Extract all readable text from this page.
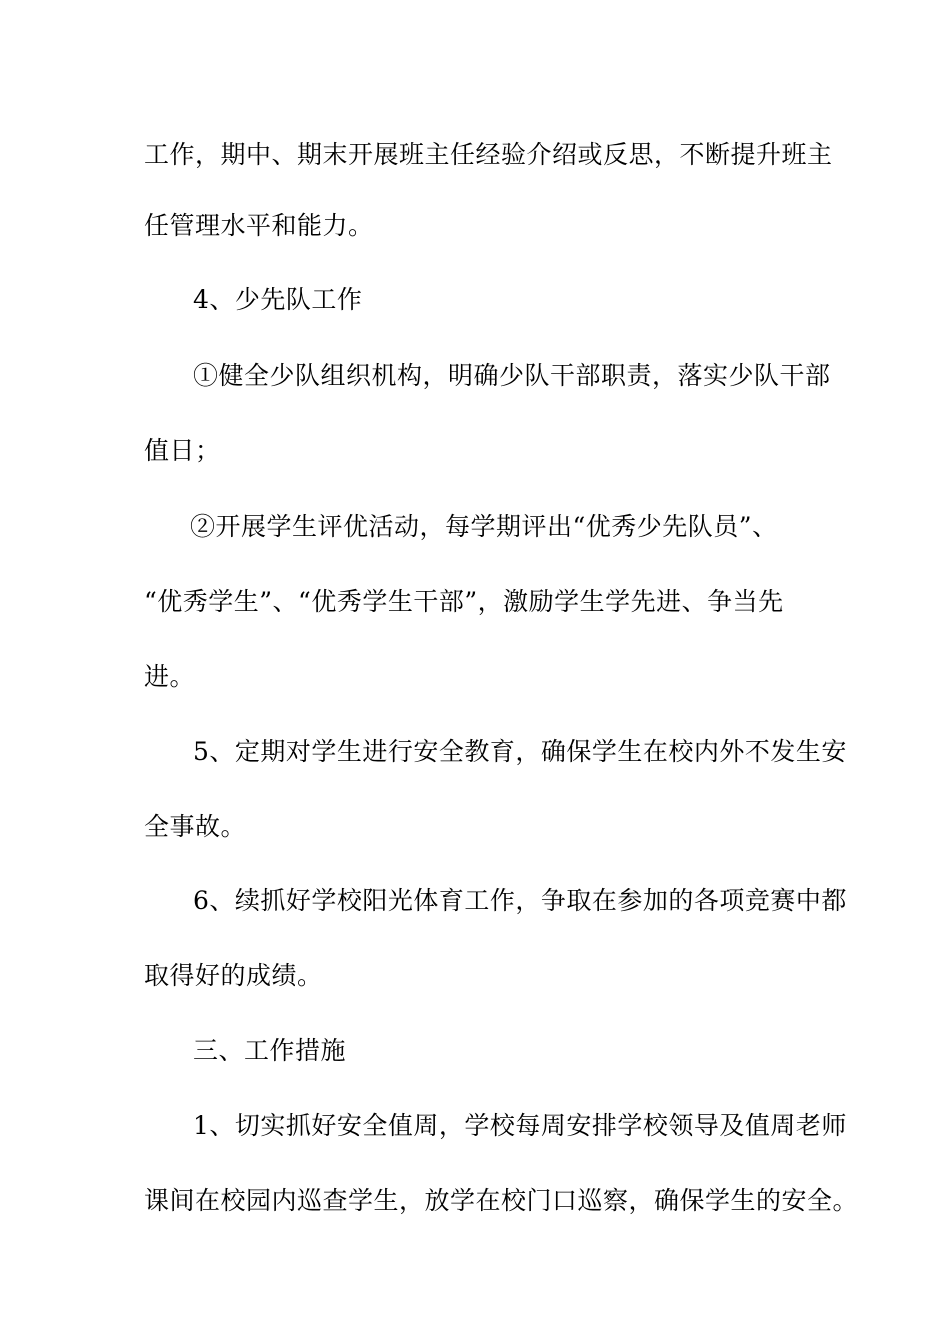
工作，期中、期末开展班主任经验介绍或反思，不断提升班主
任管理水平和能力。
4、少先队工作
①健全少队组织机构，明确少队干部职责，落实少队干部
值日；
②开展学生评优活动，每学期评出“优秀少先队员”、
“优秀学生”、“优秀学生干部”，激励学生学先进、争当先
进。
5、定期对学生进行安全教育，确保学生在校内外不发生安
全事故。
6、续抓好学校阳光体育工作，争取在参加的各项竞赛中都
取得好的成绩。
三、工作措施
1、切实抓好安全值周，学校每周安排学校领导及值周老师
课间在校园内巡查学生，放学在校门口巡察，确保学生的安全。
